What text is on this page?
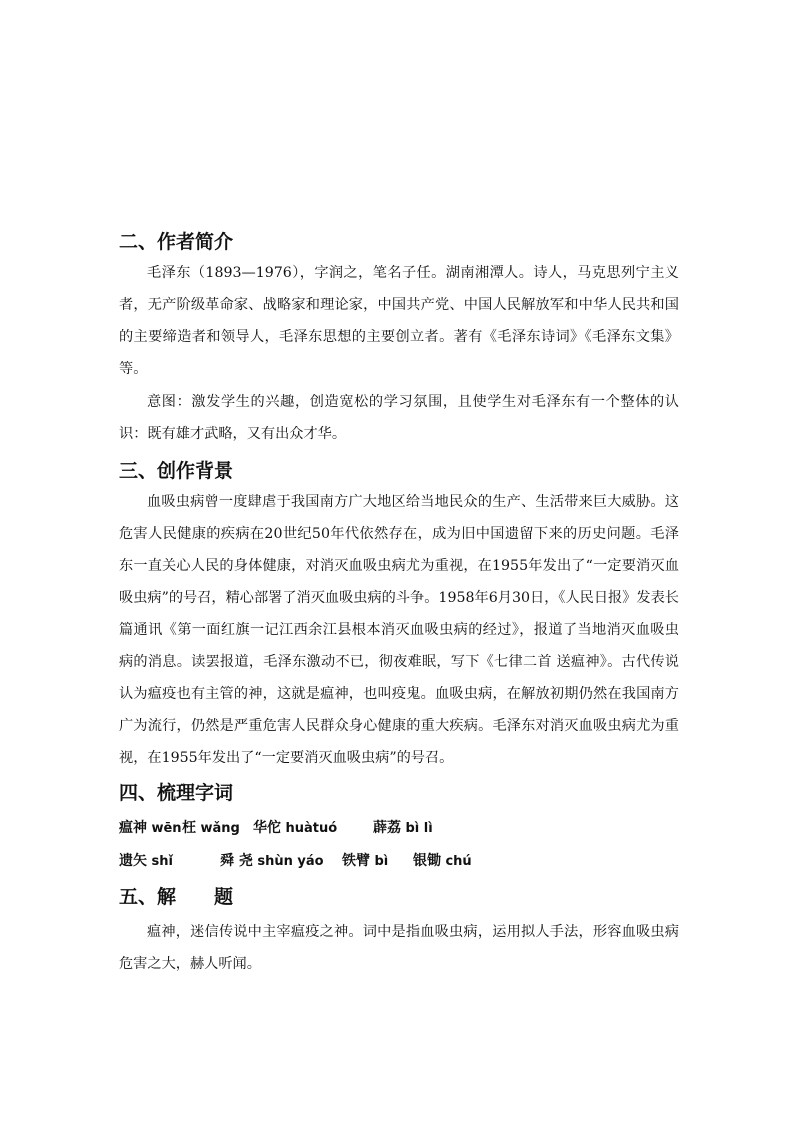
二、作者简介

毛泽东（1893—1976），字润之，笔名子任。湖南湘潭人。诗人，马克思列宁主义者，无产阶级革命家、战略家和理论家，中国共产党、中国人民解放军和中华人民共和国的主要缔造者和领导人，毛泽东思想的主要创立者。著有《毛泽东诗词》《毛泽东文集》等。

意图：激发学生的兴趣，创造宽松的学习氛围，且使学生对毛泽东有一个整体的认识：既有雄才武略，又有出众才华。

三、创作背景

血吸虫病曾一度肆虐于我国南方广大地区给当地民众的生产、生活带来巨大威胁。这危害人民健康的疾病在20世纪50年代依然存在，成为旧中国遗留下来的历史问题。毛泽东一直关心人民的身体健康，对消灭血吸虫病尤为重视，在1955年发出了“一定要消灭血吸虫病”的号召，精心部署了消灭血吸虫病的斗争。1958年6月30日，《人民日报》发表长篇通讯《第一面红旗一记江西余江县根本消灭血吸虫病的经过》，报道了当地消灭血吸虫病的消息。读罢报道，毛泽东激动不已，彻夜难眠，写下《七律二首 送瘟神》。古代传说认为瘟疫也有主管的神，这就是瘟神，也叫疫鬼。血吸虫病，在解放初期仍然在我国南方广为流行，仍然是严重危害人民群众身心健康的重大疾病。毛泽东对消灭血吸虫病尤为重视，在1955年发出了“一定要消灭血吸虫病”的号召。

四、梳理字词
瘟神 wēn 枉 wǎng 华佗 huàtuó	薜荔 bì lì
遗矢 shǐ	舜 尧 shùn yáo 铁臂 bì 银锄 chú
五、解　　题

瘟神，迷信传说中主宰瘟疫之神。词中是指血吸虫病，运用拟人手法，形容血吸虫病危害之大，赫人听闻。
